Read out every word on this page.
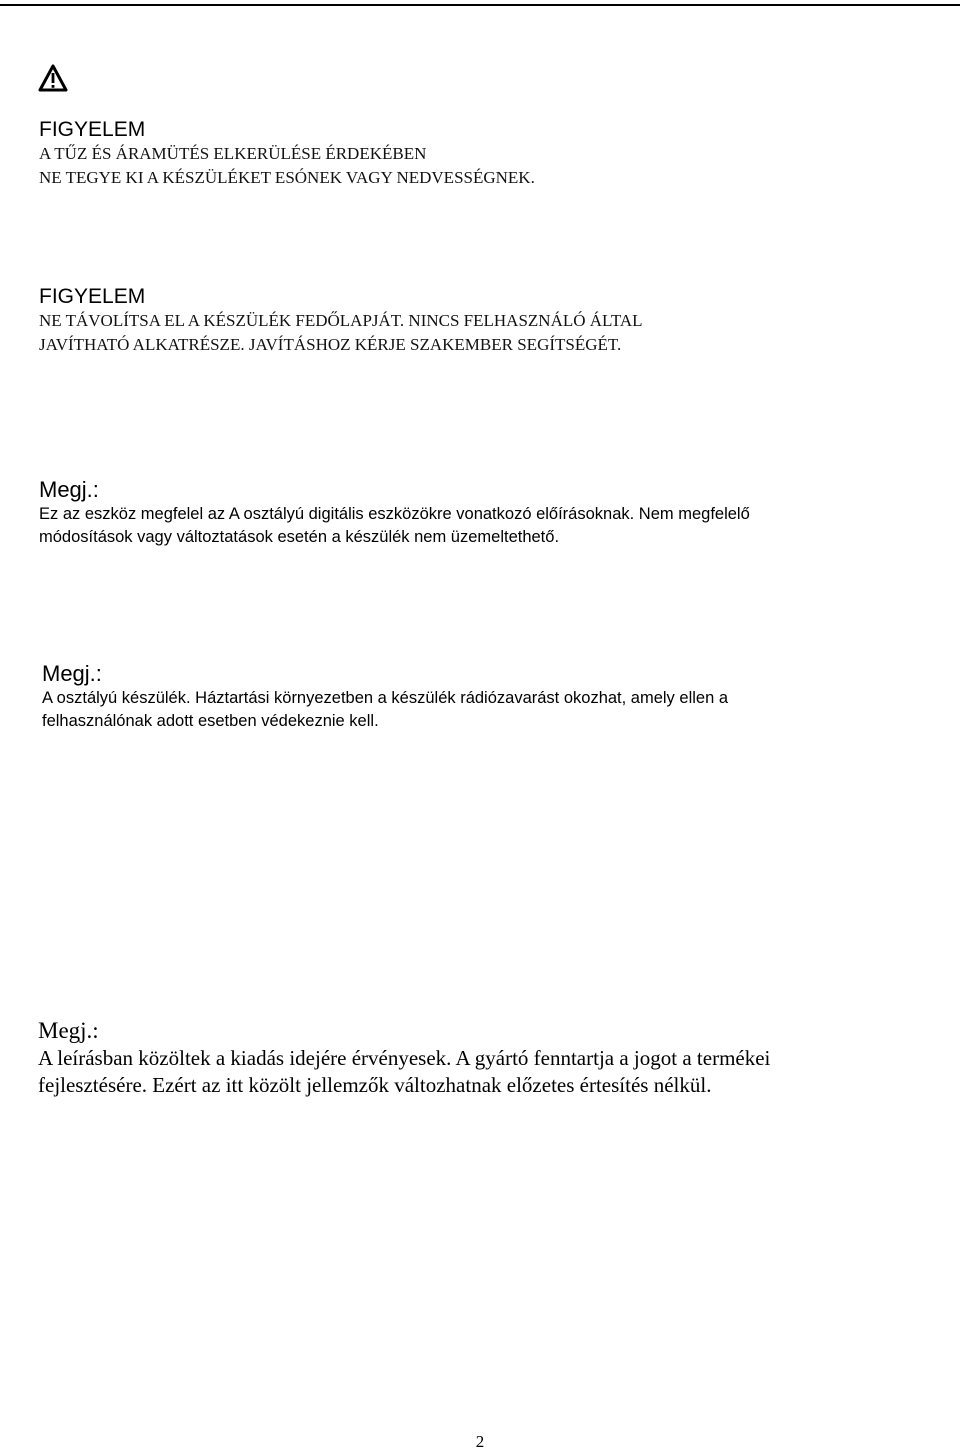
FIGYELEM

A TŰZ ÉS ÁRAMÜTÉS ELKERÜLÉSE ÉRDEKÉBEN

NE TEGYE KI A KÉSZÜLÉKET ESÓNEK VAGY NEDVESSÉGNEK.

FIGYELEM

NE TÁVOLÍTSA EL A KÉSZÜLÉK FEDŐLAPJÁT. NINCS FELHASZNÁLÓ ÁLTAL

JAVÍTHATÓ ALKATRÉSZE. JAVÍTÁSHOZ KÉRJE SZAKEMBER SEGÍTSÉGÉT.

Megj.:

Ez az eszköz megfelel az A osztályú digitális eszközökre vonatkozó előírásoknak. Nem megfelelő

módosítások vagy változtatások esetén a készülék nem üzemeltethető.

Megj.:

A osztályú készülék. Háztartási környezetben a készülék rádiózavarást okozhat, amely ellen a

felhasználónak adott esetben védekeznie kell.

Megj.:

A leírásban közöltek a kiadás idejére érvényesek. A gyártó fenntartja a jogot a termékei

fejlesztésére. Ezért az itt közölt jellemzők változhatnak előzetes értesítés nélkül.

2
